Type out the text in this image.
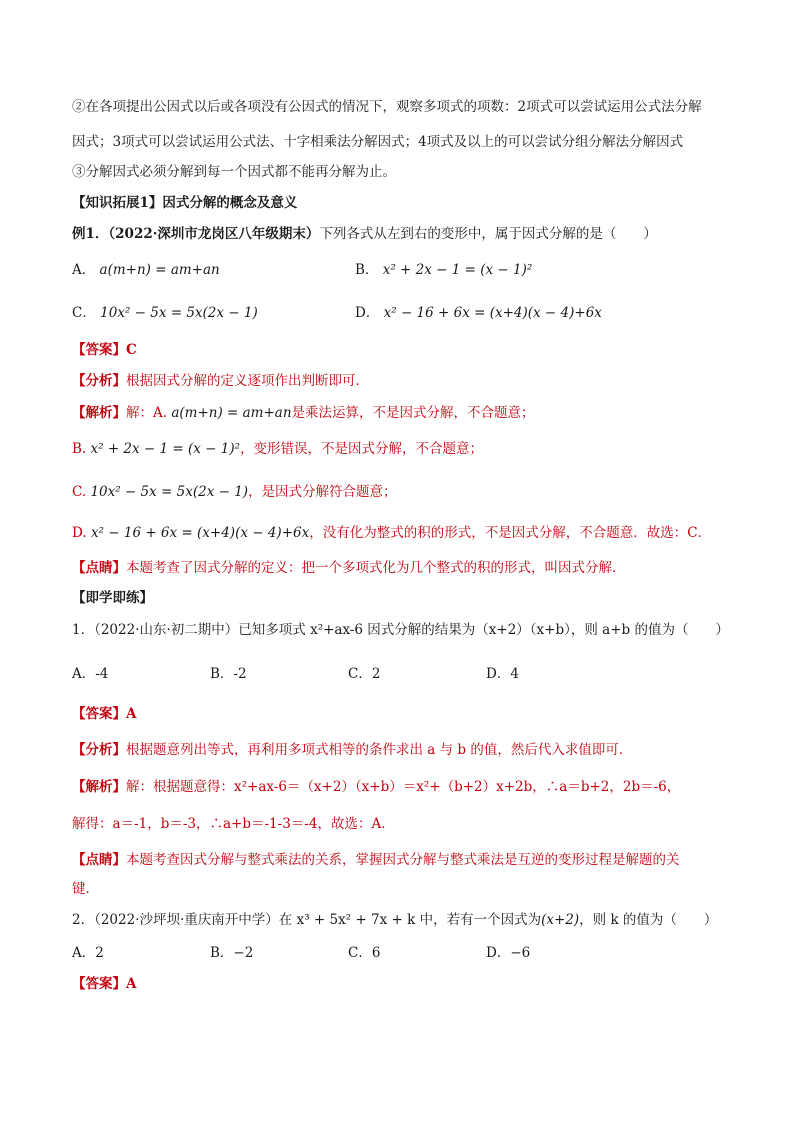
②在各项提出公因式以后或各项没有公因式的情况下，观察多项式的项数：2项式可以尝试运用公式法分解
因式；3项式可以尝试运用公式法、十字相乘法分解因式；4项式及以上的可以尝试分组分解法分解因式
③分解因式必须分解到每一个因式都不能再分解为止。
【知识拓展1】因式分解的概念及意义
例1．（2022·深圳市龙岗区八年级期末）下列各式从左到右的变形中，属于因式分解的是（　　）
A． a(m+n) = am+an	B． x² + 2x − 1 = (x − 1)²
C． 10x² − 5x = 5x(2x − 1)	D． x² − 16 + 6x = (x+4)(x − 4)+6x
【答案】C
【分析】根据因式分解的定义逐项作出判断即可．
【解析】解：A. a(m+n) = am+an是乘法运算，不是因式分解，不合题意；
B. x² + 2x − 1 = (x − 1)²，变形错误，不是因式分解，不合题意；
C. 10x² − 5x = 5x(2x − 1)，是因式分解符合题意；
D. x² − 16 + 6x = (x+4)(x − 4)+6x，没有化为整式的积的形式，不是因式分解，不合题意．故选：C．
【点睛】本题考查了因式分解的定义：把一个多项式化为几个整式的积的形式，叫因式分解．
【即学即练】
1．（2022·山东·初二期中）已知多项式 x²+ax-6 因式分解的结果为（x+2）（x+b），则 a+b 的值为（　　）
A．-4	B．-2	C．2	D．4
【答案】A
【分析】根据题意列出等式，再利用多项式相等的条件求出 a 与 b 的值，然后代入求值即可．
【解析】解：根据题意得：x²+ax-6＝（x+2）（x+b）＝x²+（b+2）x+2b，∴a＝b+2，2b＝-6，
解得：a＝-1，b＝-3，∴a+b＝-1-3＝-4，故选：A．
【点睛】本题考查因式分解与整式乘法的关系，掌握因式分解与整式乘法是互逆的变形过程是解题的关
键．
2．（2022·沙坪坝·重庆南开中学）在 x³ + 5x² + 7x + k 中，若有一个因式为(x+2)，则 k 的值为（　　）
A．2	B．−2	C．6	D．−6
【答案】A
